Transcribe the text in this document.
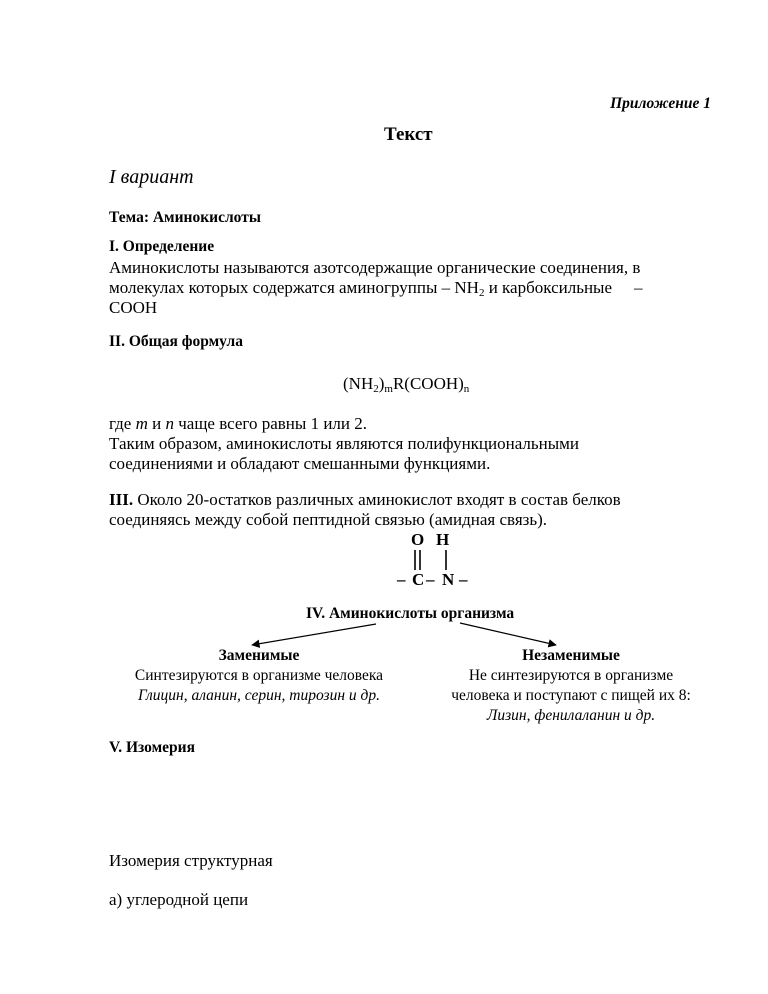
Приложение 1
Текст
I вариант
Тема: Аминокислоты
I. Определение
Аминокислоты называются азотсодержащие органические соединения, в
молекулах которых содержатся аминогруппы – $NH_2$ и карбоксильные –
COOH
II. Общая формула
$(NH_2)_mR(COOH)_n$
где m и n чаще всего равны 1 или 2.
Таким образом, аминокислоты являются полифункциональными
соединениями и обладают смешанными функциями.
III. Около 20-остатков различных аминокислот входят в состав белков
соединяясь между собой пептидной связью (амидная связь).
O H
– C – N –
IV. Аминокислоты организма
Заменимые
Синтезируются в организме человека
Глицин, аланин, серин, тирозин и др.
Незаменимые
Не синтезируются в организме
человека и поступают с пищей их 8:
Лизин, фенилаланин и др.
V. Изомерия
Изомерия структурная
а) углеродной цепи
